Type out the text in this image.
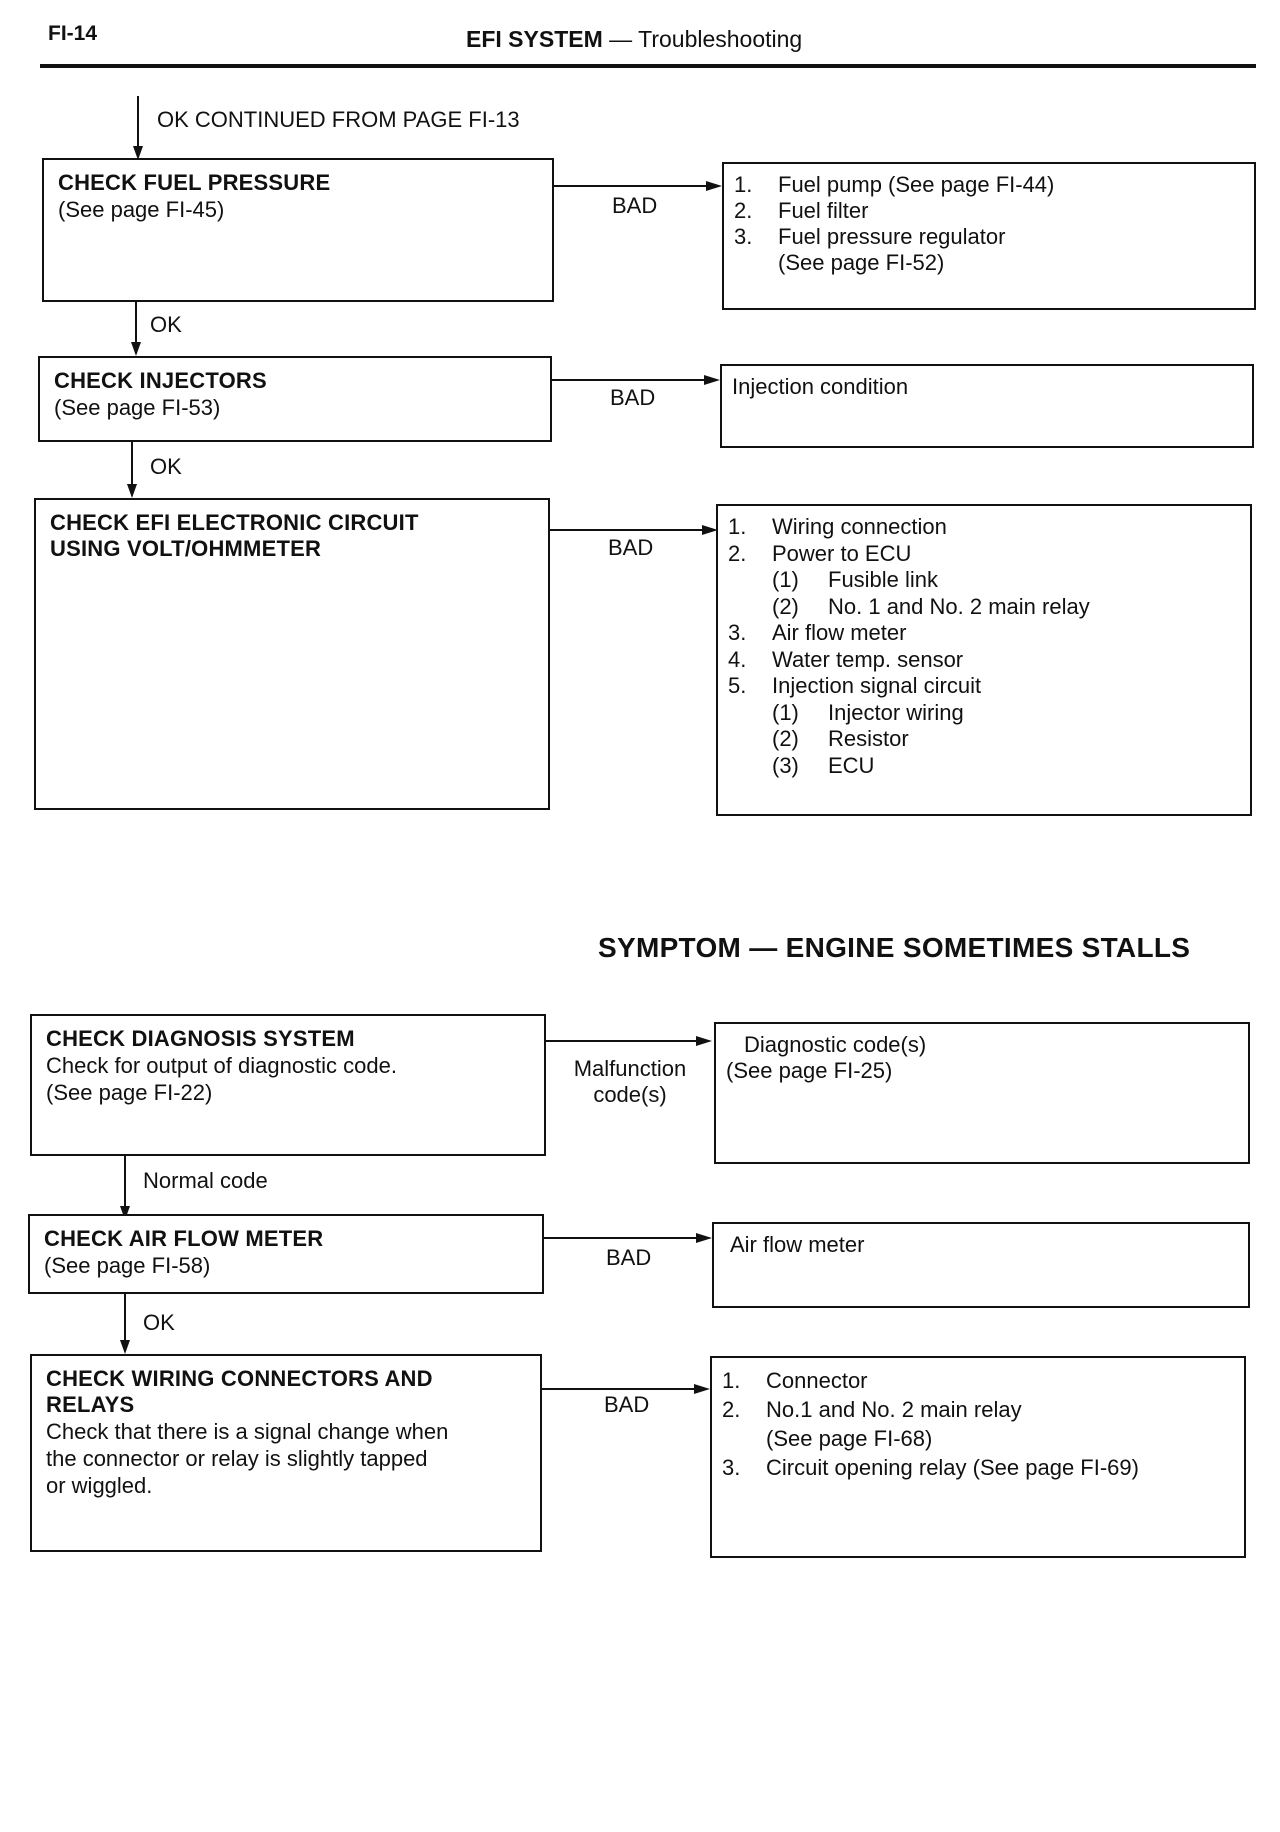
FI-14	EFI SYSTEM — Troubleshooting
OK CONTINUED FROM PAGE FI-13
CHECK FUEL PRESSURE
(See page FI-45)	BAD
1.	Fuel pump (See page FI-44)
2.	Fuel filter
3.	Fuel pressure regulator
(See page FI-52)
OK
CHECK INJECTORS
(See page FI-53)	BAD	Injection condition
OK
CHECK EFI ELECTRONIC CIRCUIT
USING VOLT/OHMMETER	BAD
1.	Wiring connection
2.	Power to ECU
(1)	Fusible link
(2)	No. 1 and No. 2 main relay
3.	Air flow meter
4.	Water temp. sensor
5.	Injection signal circuit
(1)	Injector wiring
(2)	Resistor
(3)	ECU
SYMPTOM — ENGINE SOMETIMES STALLS
CHECK DIAGNOSIS SYSTEM
Check for output of diagnostic code.
(See page FI-22)
Malfunction
code(s)
Diagnostic code(s)
(See page FI-25)
Normal code
CHECK AIR FLOW METER
(See page FI-58)	BAD
Air flow meter
OK
CHECK WIRING CONNECTORS AND
RELAYS
Check that there is a signal change when
the connector or relay is slightly tapped
or wiggled.
BAD
1.	Connector
2.	No.1 and No. 2 main relay
(See page FI-68)
3.	Circuit opening relay (See page FI-69)
